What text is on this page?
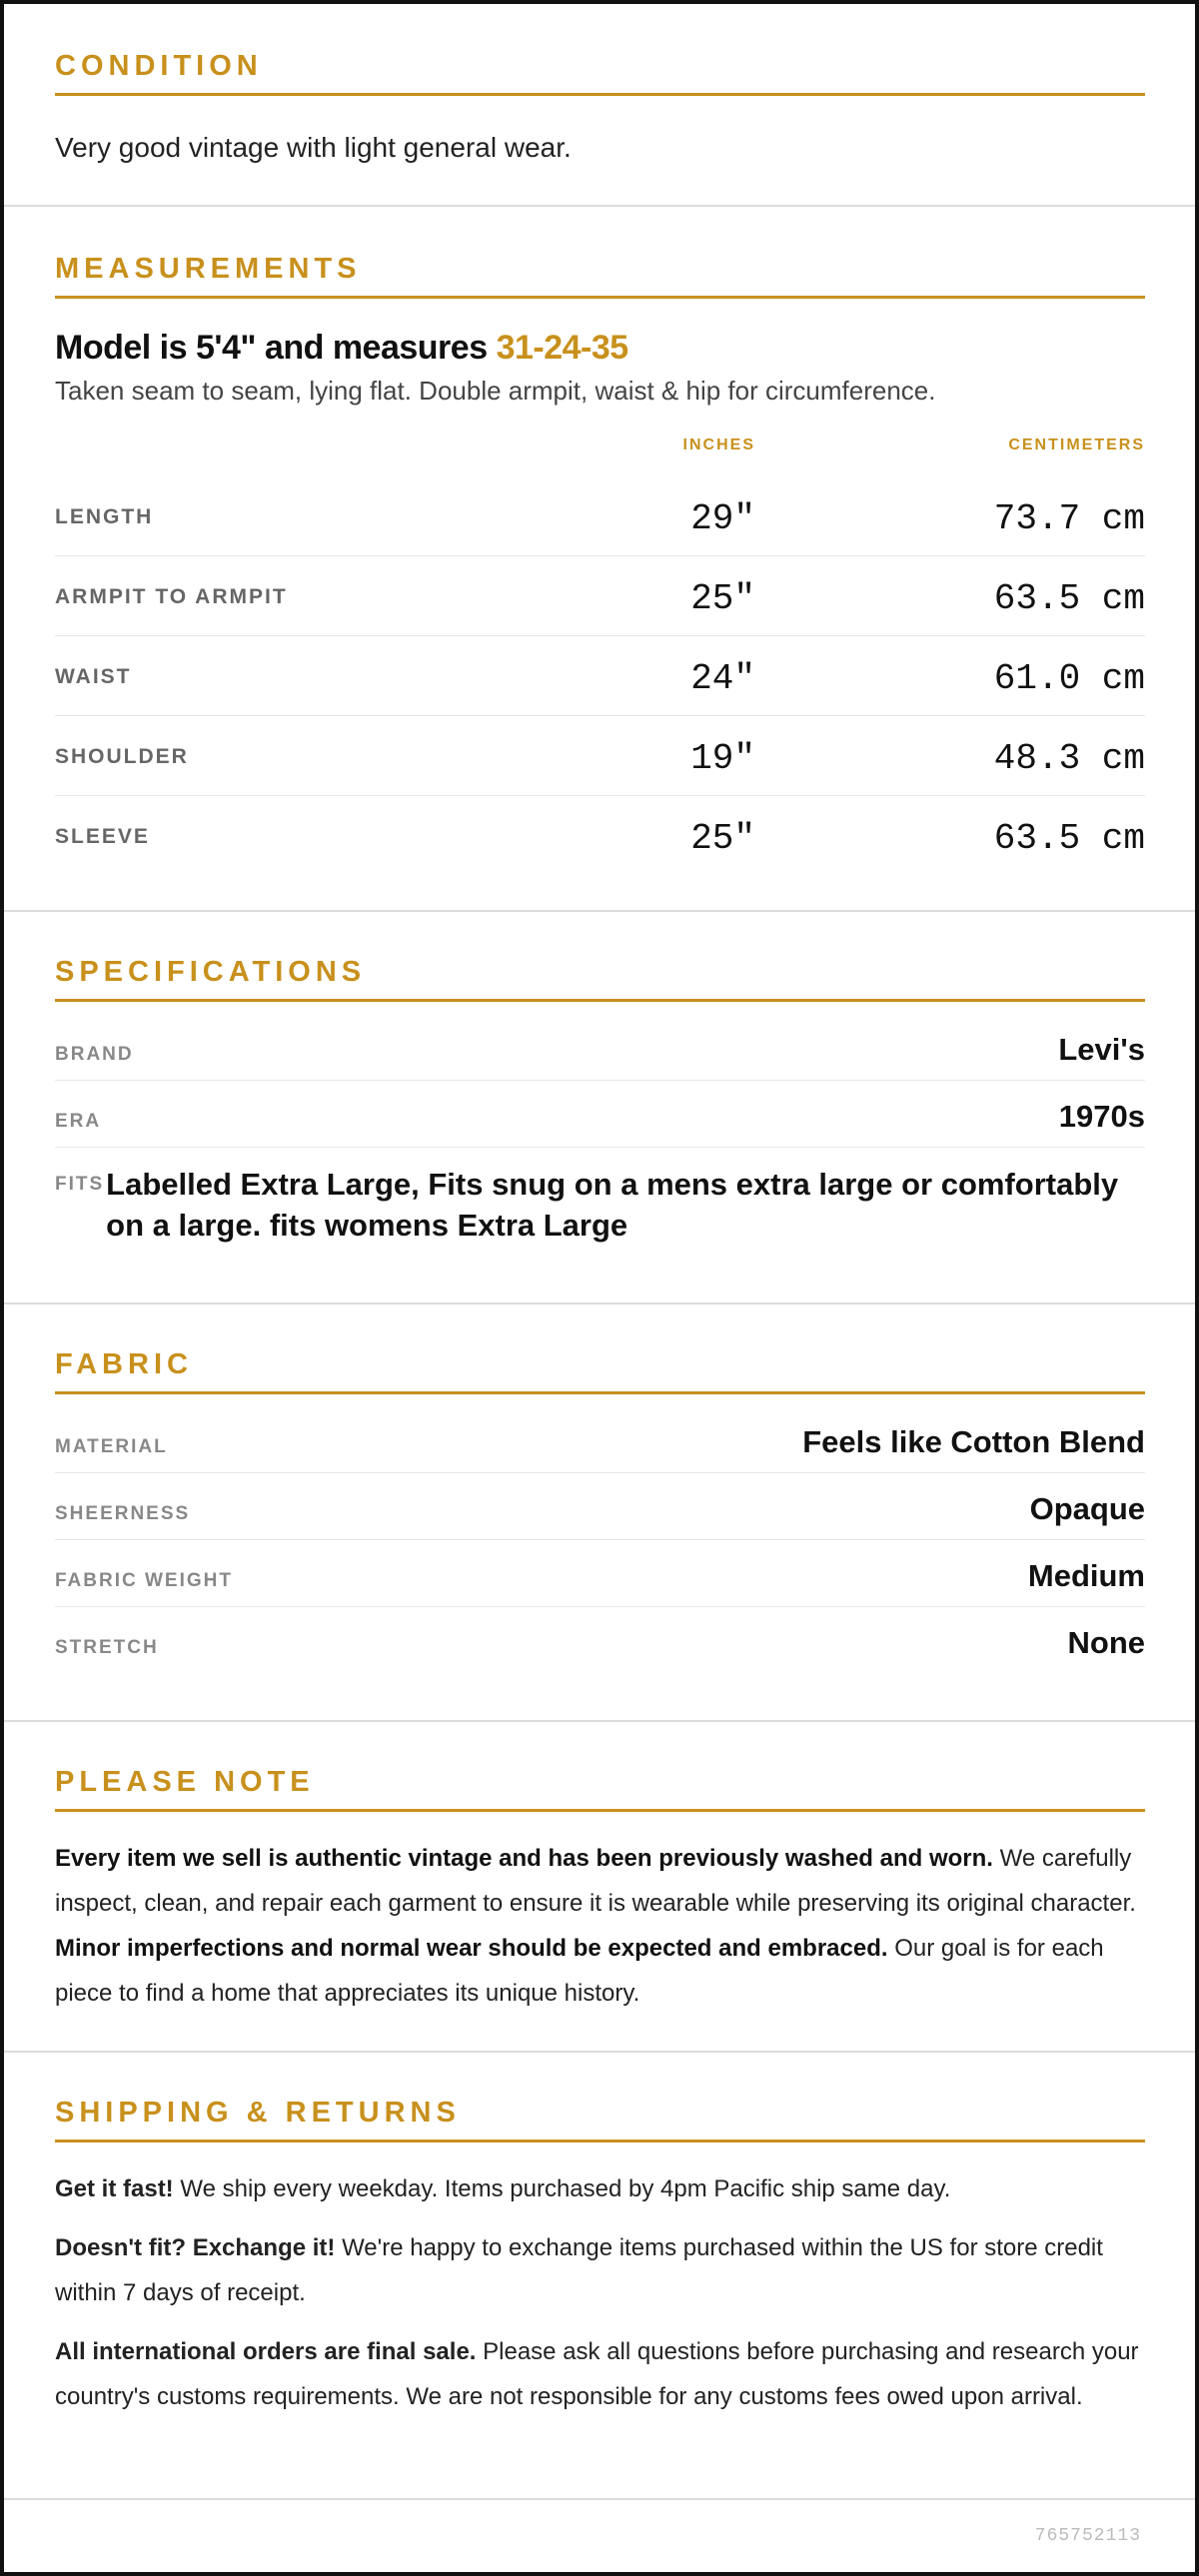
CONDITION
Very good vintage with light general wear.
MEASUREMENTS
Model is 5'4" and measures 31-24-35
Taken seam to seam, lying flat. Double armpit, waist & hip for circumference.
INCHES	CENTIMETERS
LENGTH	29"	73.7 cm
ARMPIT TO ARMPIT	25"	63.5 cm
WAIST	24"	61.0 cm
SHOULDER	19"	48.3 cm
SLEEVE	25"	63.5 cm
SPECIFICATIONS
BRAND	Levi's
ERA	1970s
FITS Labelled Extra Large, Fits snug on a mens extra large or comfortably on a large. fits womens Extra Large
FABRIC
MATERIAL	Feels like Cotton Blend
SHEERNESS	Opaque
FABRIC WEIGHT	Medium
STRETCH	None
PLEASE NOTE
Every item we sell is authentic vintage and has been previously washed and worn. We carefully inspect, clean, and repair each garment to ensure it is wearable while preserving its original character. Minor imperfections and normal wear should be expected and embraced. Our goal is for each piece to find a home that appreciates its unique history.
SHIPPING & RETURNS

Get it fast! We ship every weekday. Items purchased by 4pm Pacific ship same day.

Doesn't fit? Exchange it! We're happy to exchange items purchased within the US for store credit within 7 days of receipt.

All international orders are final sale. Please ask all questions before purchasing and research your country's customs requirements. We are not responsible for any customs fees owed upon arrival.

765752113
